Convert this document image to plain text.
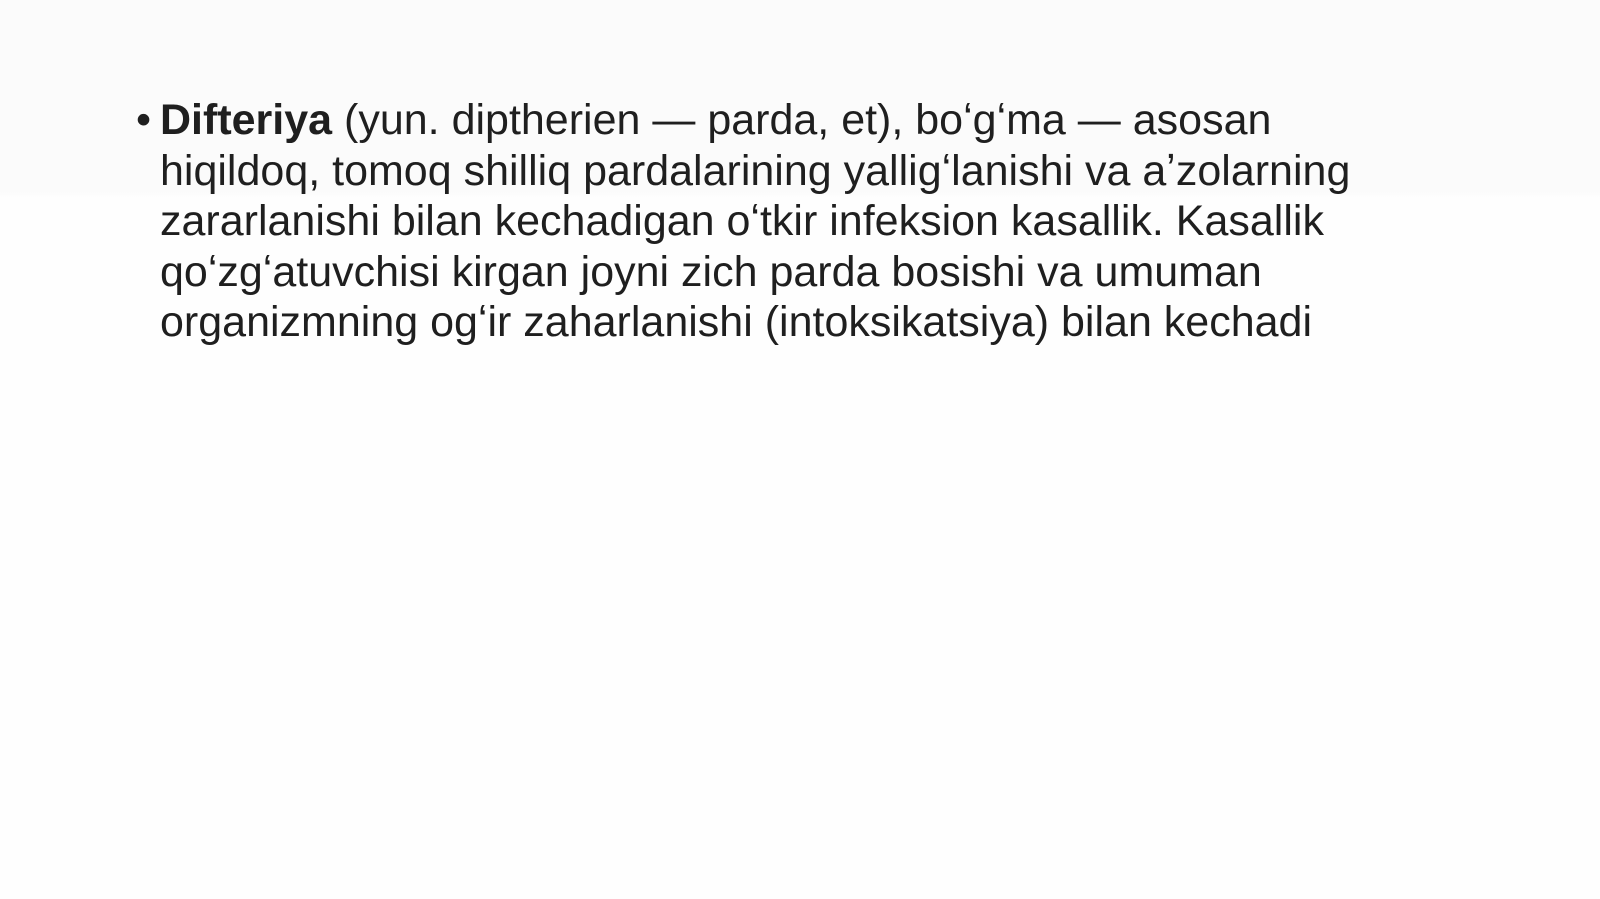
• Difteriya (yun. diptherien — parda, et), boʻgʻma — asosan
hiqildoq, tomoq shilliq pardalarining yalligʻlanishi va aʼzolarning
zararlanishi bilan kechadigan oʻtkir infeksion kasallik. Kasallik
qoʻzgʻatuvchisi kirgan joyni zich parda bosishi va umuman
organizmning ogʻir zaharlanishi (intoksikatsiya) bilan kechadi
